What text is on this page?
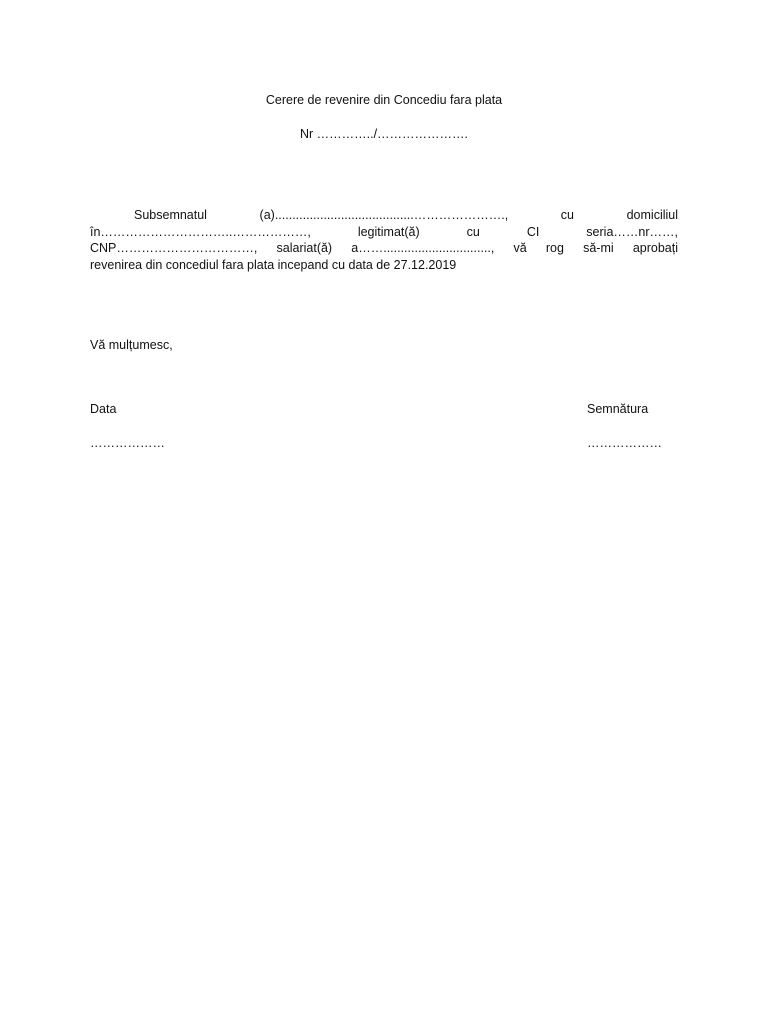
Cerere de revenire din Concediu fara plata
Nr …………../………………….
Subsemnatul (a)........................................…………………., cu domiciliul
în…………………………..………………, legitimat(ă) cu CI seria……nr……,
CNP……………………………, salariat(ă) a……..............................., vă rog să-mi aprobați
revenirea din concediul fara plata incepand cu data de 27.12.2019
Vă mulțumesc,
Data
………………
Semnătura
………………
